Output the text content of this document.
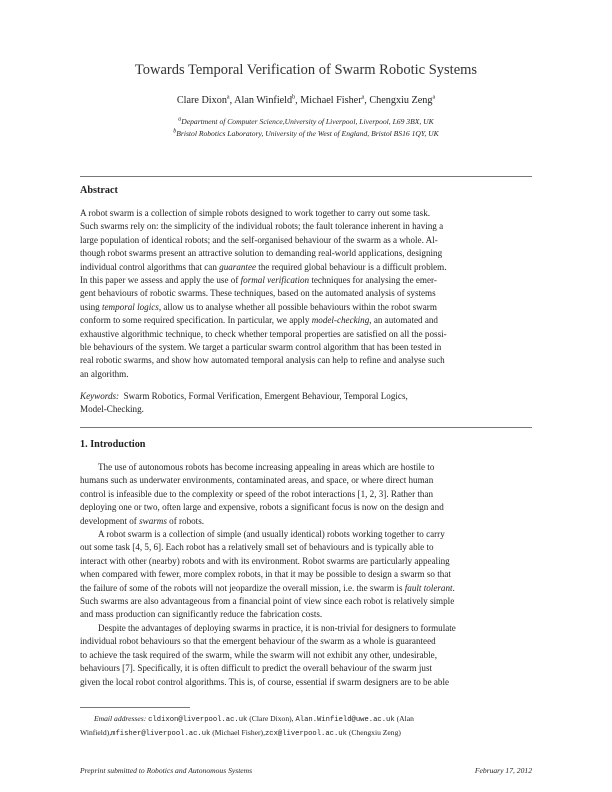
Towards Temporal Verification of Swarm Robotic Systems
Clare Dixon$^a$, Alan Winfield$^b$, Michael Fisher$^a$, Chengxiu Zeng$^a$
$^a$Department of Computer Science,University of Liverpool, Liverpool, L69 3BX, UK
$^b$Bristol Robotics Laboratory, University of the West of England, Bristol BS16 1QY, UK
Abstract
A robot swarm is a collection of simple robots designed to work together to carry out some task.
Such swarms rely on: the simplicity of the individual robots; the fault tolerance inherent in having a
large population of identical robots; and the self-organised behaviour of the swarm as a whole. Al-
though robot swarms present an attractive solution to demanding real-world applications, designing
individual control algorithms that can guarantee the required global behaviour is a difficult problem.
In this paper we assess and apply the use of formal verification techniques for analysing the emer-
gent behaviours of robotic swarms. These techniques, based on the automated analysis of systems
using temporal logics, allow us to analyse whether all possible behaviours within the robot swarm
conform to some required specification. In particular, we apply model-checking, an automated and
exhaustive algorithmic technique, to check whether temporal properties are satisfied on all the possi-
ble behaviours of the system. We target a particular swarm control algorithm that has been tested in
real robotic swarms, and show how automated temporal analysis can help to refine and analyse such
an algorithm.
Keywords: Swarm Robotics, Formal Verification, Emergent Behaviour, Temporal Logics,
Model-Checking.
1. Introduction
The use of autonomous robots has become increasing appealing in areas which are hostile to
humans such as underwater environments, contaminated areas, and space, or where direct human
control is infeasible due to the complexity or speed of the robot interactions [1, 2, 3]. Rather than
deploying one or two, often large and expensive, robots a significant focus is now on the design and
development of swarms of robots.
A robot swarm is a collection of simple (and usually identical) robots working together to carry
out some task [4, 5, 6]. Each robot has a relatively small set of behaviours and is typically able to
interact with other (nearby) robots and with its environment. Robot swarms are particularly appealing
when compared with fewer, more complex robots, in that it may be possible to design a swarm so that
the failure of some of the robots will not jeopardize the overall mission, i.e. the swarm is fault tolerant.
Such swarms are also advantageous from a financial point of view since each robot is relatively simple
and mass production can significantly reduce the fabrication costs.
Despite the advantages of deploying swarms in practice, it is non-trivial for designers to formulate
individual robot behaviours so that the emergent behaviour of the swarm as a whole is guaranteed
to achieve the task required of the swarm, while the swarm will not exhibit any other, undesirable,
behaviours [7]. Specifically, it is often difficult to predict the overall behaviour of the swarm just
given the local robot control algorithms. This is, of course, essential if swarm designers are to be able
Email addresses: cldixon@liverpool.ac.uk (Clare Dixon), Alan.Winfield@uwe.ac.uk (Alan
Winfield),mfisher@liverpool.ac.uk (Michael Fisher),zcx@liverpool.ac.uk (Chengxiu Zeng)
Preprint submitted to Robotics and Autonomous Systems	February 17, 2012
